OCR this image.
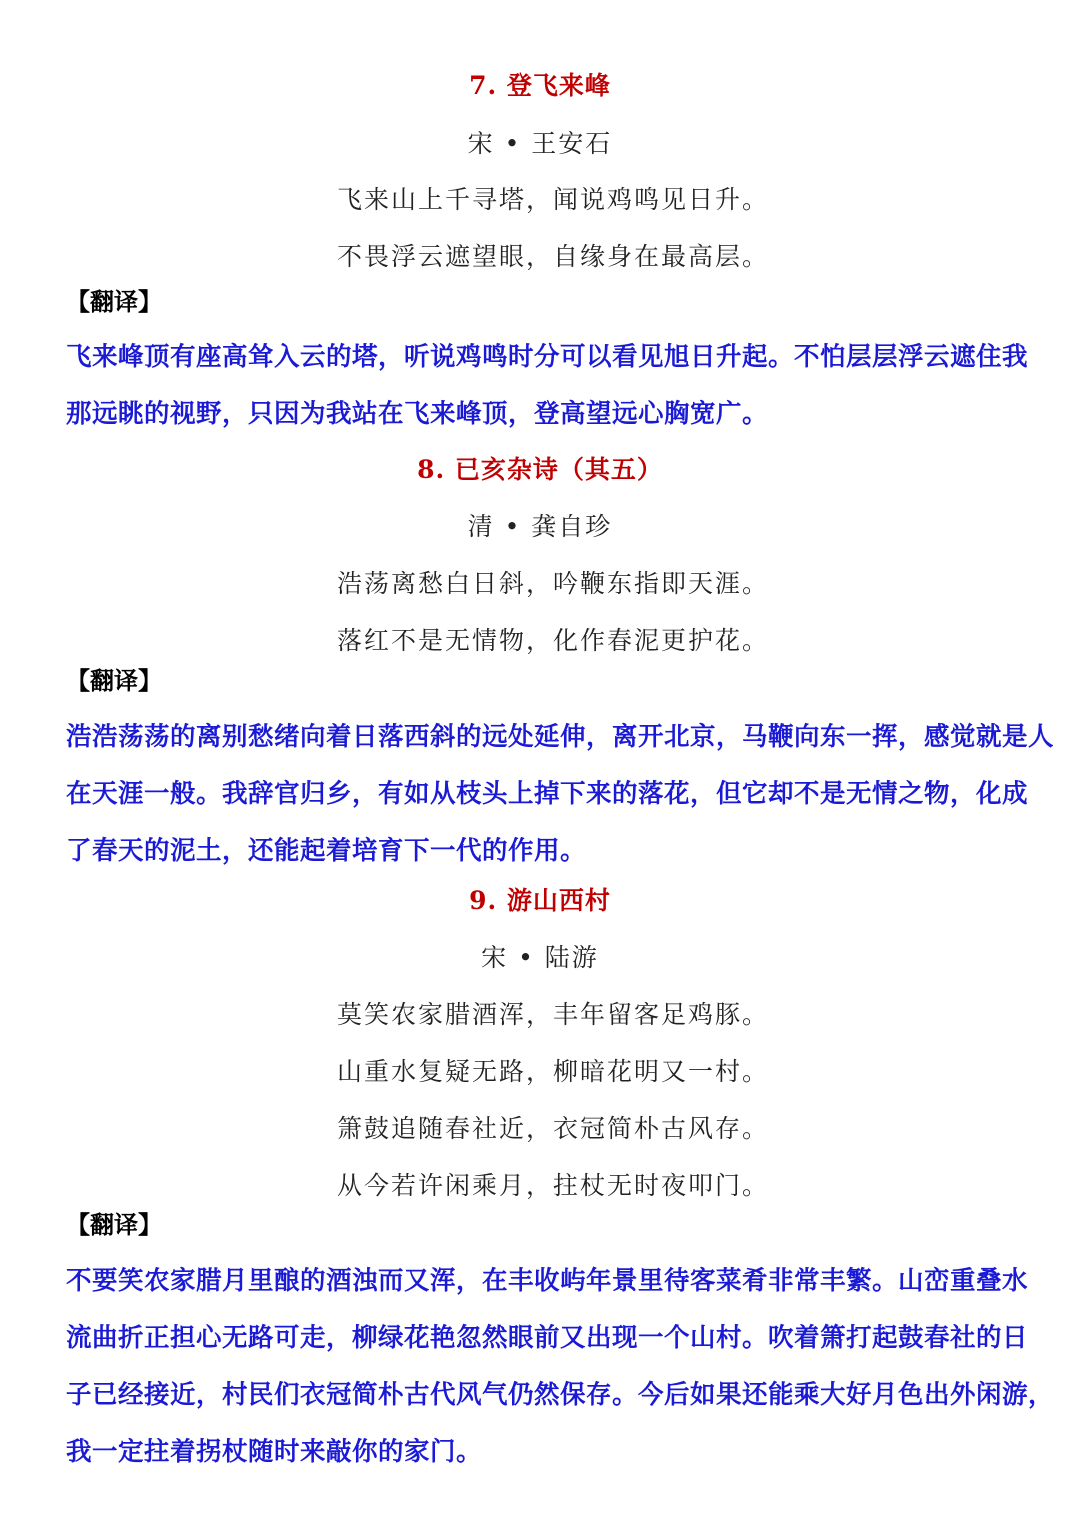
7. 登飞来峰
宋 • 王安石
飞来山上千寻塔，闻说鸡鸣见日升。
不畏浮云遮望眼，自缘身在最高层。
【翻译】
飞来峰顶有座高耸入云的塔，听说鸡鸣时分可以看见旭日升起。不怕层层浮云遮住我
那远眺的视野，只因为我站在飞来峰顶，登高望远心胸宽广。
8. 已亥杂诗（其五）
清 • 龚自珍
浩荡离愁白日斜，吟鞭东指即天涯。
落红不是无情物，化作春泥更护花。
【翻译】
浩浩荡荡的离别愁绪向着日落西斜的远处延伸，离开北京，马鞭向东一挥，感觉就是人
在天涯一般。我辞官归乡，有如从枝头上掉下来的落花，但它却不是无情之物，化成
了春天的泥土，还能起着培育下一代的作用。
9. 游山西村
宋 • 陆游
莫笑农家腊酒浑，丰年留客足鸡豚。
山重水复疑无路，柳暗花明又一村。
箫鼓追随春社近，衣冠简朴古风存。
从今若许闲乘月，拄杖无时夜叩门。
【翻译】
不要笑农家腊月里酿的酒浊而又浑，在丰收屿年景里待客菜肴非常丰繁。山峦重叠水
流曲折正担心无路可走，柳绿花艳忽然眼前又出现一个山村。吹着箫打起鼓春社的日
子已经接近，村民们衣冠简朴古代风气仍然保存。今后如果还能乘大好月色出外闲游，
我一定拄着拐杖随时来敲你的家门。
